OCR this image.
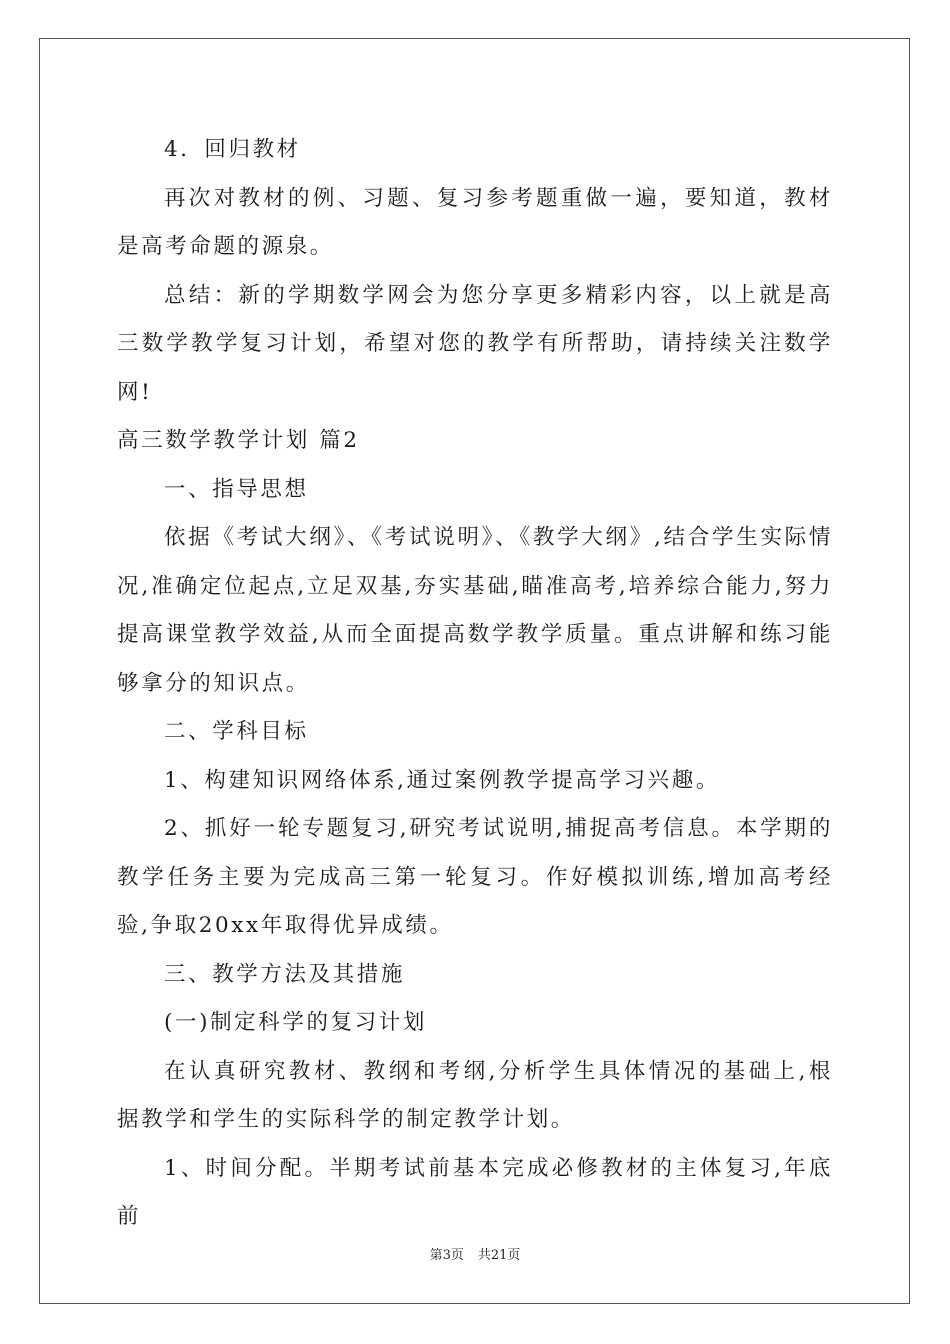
4．回归教材

再次对教材的例、习题、复习参考题重做一遍，要知道，教材是高考命题的源泉。

总结：新的学期数学网会为您分享更多精彩内容，以上就是高三数学教学复习计划，希望对您的教学有所帮助，请持续关注数学网!

高三数学教学计划 篇2

一、指导思想

依据《考试大纲》、《考试说明》、《教学大纲》,结合学生实际情况,准确定位起点,立足双基,夯实基础,瞄准高考,培养综合能力,努力提高课堂教学效益,从而全面提高数学教学质量。重点讲解和练习能够拿分的知识点。

二、学科目标

1、构建知识网络体系,通过案例教学提高学习兴趣。

2、抓好一轮专题复习,研究考试说明,捕捉高考信息。本学期的教学任务主要为完成高三第一轮复习。作好模拟训练,增加高考经验,争取20xx年取得优异成绩。

三、教学方法及其措施

(一)制定科学的复习计划

在认真研究教材、教纲和考纲,分析学生具体情况的基础上,根据教学和学生的实际科学的制定教学计划。

1、时间分配。半期考试前基本完成必修教材的主体复习,年底前

第3页 共21页
